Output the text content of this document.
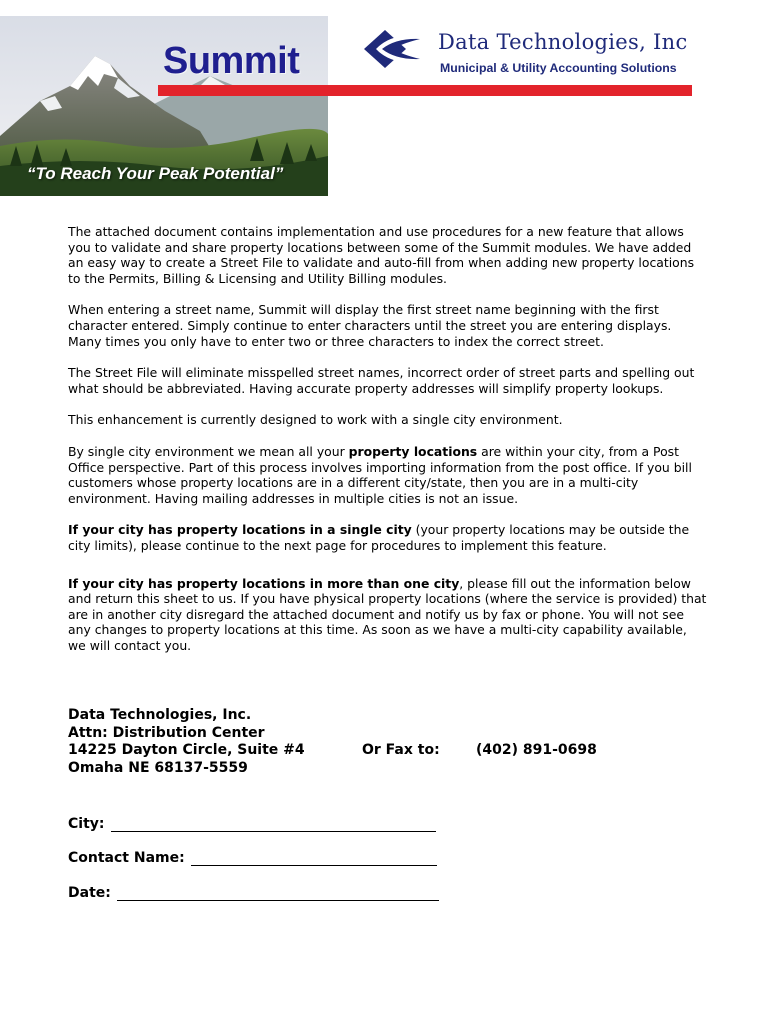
Summit
“To Reach Your Peak Potential”
Data Technologies, Inc
Municipal & Utility Accounting Solutions

The attached document contains implementation and use procedures for a new feature that allows you to validate and share property locations between some of the Summit modules. We have added an easy way to create a Street File to validate and auto-fill from when adding new property locations to the Permits, Billing & Licensing and Utility Billing modules.

When entering a street name, Summit will display the first street name beginning with the first character entered. Simply continue to enter characters until the street you are entering displays. Many times you only have to enter two or three characters to index the correct street.

The Street File will eliminate misspelled street names, incorrect order of street parts and spelling out what should be abbreviated. Having accurate property addresses will simplify property lookups.

This enhancement is currently designed to work with a single city environment.

By single city environment we mean all your property locations are within your city, from a Post Office perspective. Part of this process involves importing information from the post office. If you bill customers whose property locations are in a different city/state, then you are in a multi-city environment. Having mailing addresses in multiple cities is not an issue.

If your city has property locations in a single city (your property locations may be outside the city limits), please continue to the next page for procedures to implement this feature.

If your city has property locations in more than one city, please fill out the information below and return this sheet to us. If you have physical property locations (where the service is provided) that are in another city disregard the attached document and notify us by fax or phone. You will not see any changes to property locations at this time. As soon as we have a multi-city capability available, we will contact you.

Data Technologies, Inc.
Attn: Distribution Center
14225 Dayton Circle, Suite #4
Omaha NE 68137-5559
Or Fax to:	(402) 891-0698
City:
Contact Name:
Date:
